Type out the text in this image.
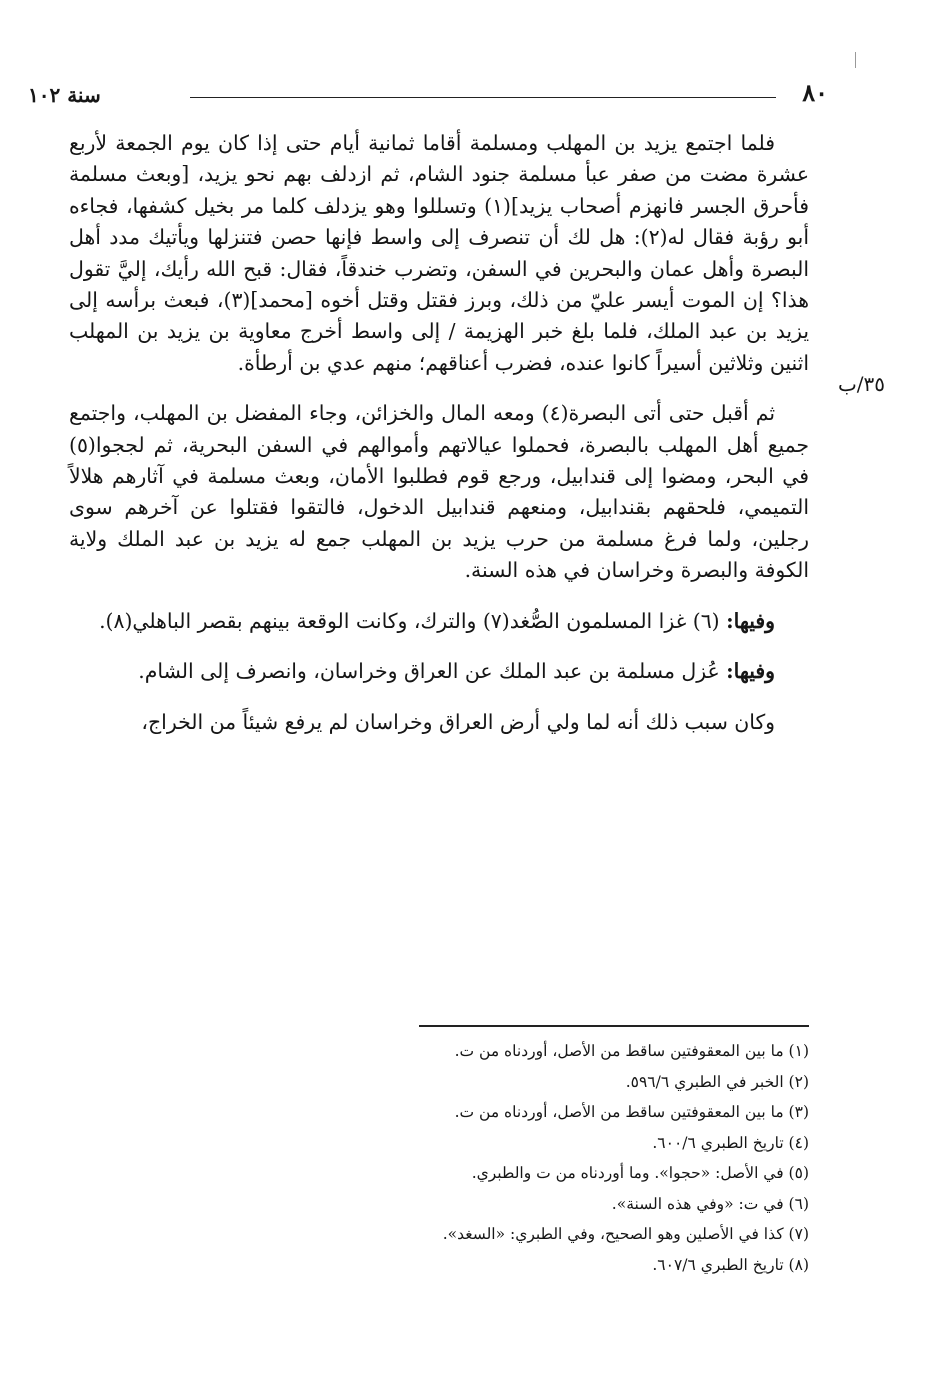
٨٠
سنة ١٠٢
٣٥/ب

فلما اجتمع يزيد بن المهلب ومسلمة أقاما ثمانية أيام حتى إذا كان يوم الجمعة لأربع عشرة مضت من صفر عبأ مسلمة جنود الشام، ثم ازدلف بهم نحو يزيد، [وبعث مسلمة فأحرق الجسر فانهزم أصحاب يزيد](١) وتسللوا وهو يزدلف كلما مر بخيل كشفها، فجاءه أبو رؤبة فقال له(٢): هل لك أن تنصرف إلى واسط فإنها حصن فتنزلها ويأتيك مدد أهل البصرة وأهل عمان والبحرين في السفن، وتضرب خندقاً، فقال: قبح الله رأيك، إليَّ تقول هذا؟ إن الموت أيسر عليّ من ذلك، وبرز فقتل وقتل أخوه [محمد](٣)، فبعث برأسه إلى يزيد بن عبد الملك، فلما بلغ خبر الهزيمة / إلى واسط أخرج معاوية بن يزيد بن المهلب اثنين وثلاثين أسيراً كانوا عنده، فضرب أعناقهم؛ منهم عدي بن أرطأة.

ثم أقبل حتى أتى البصرة(٤) ومعه المال والخزائن، وجاء المفضل بن المهلب، واجتمع جميع أهل المهلب بالبصرة، فحملوا عيالاتهم وأموالهم في السفن البحرية، ثم لججوا(٥) في البحر، ومضوا إلى قندابيل، ورجع قوم فطلبوا الأمان، وبعث مسلمة في آثارهم هلالاً التميمي، فلحقهم بقندابيل، ومنعهم قندابيل الدخول، فالتقوا فقتلوا عن آخرهم سوى رجلين، ولما فرغ مسلمة من حرب يزيد بن المهلب جمع له يزيد بن عبد الملك ولاية الكوفة والبصرة وخراسان في هذه السنة.

وفيها: (٦) غزا المسلمون الصُّغد(٧) والترك، وكانت الوقعة بينهم بقصر الباهلي(٨).

وفيها: عُزل مسلمة بن عبد الملك عن العراق وخراسان، وانصرف إلى الشام.

وكان سبب ذلك أنه لما ولي أرض العراق وخراسان لم يرفع شيئاً من الخراج،

(١) ما بين المعقوفتين ساقط من الأصل، أوردناه من ت.
(٢) الخبر في الطبري ٥٩٦/٦.
(٣) ما بين المعقوفتين ساقط من الأصل، أوردناه من ت.
(٤) تاريخ الطبري ٦٠٠/٦.
(٥) في الأصل: «حجوا». وما أوردناه من ت والطبري.
(٦) في ت: «وفي هذه السنة».
(٧) كذا في الأصلين وهو الصحيح، وفي الطبري: «السغد».
(٨) تاريخ الطبري ٦٠٧/٦.
